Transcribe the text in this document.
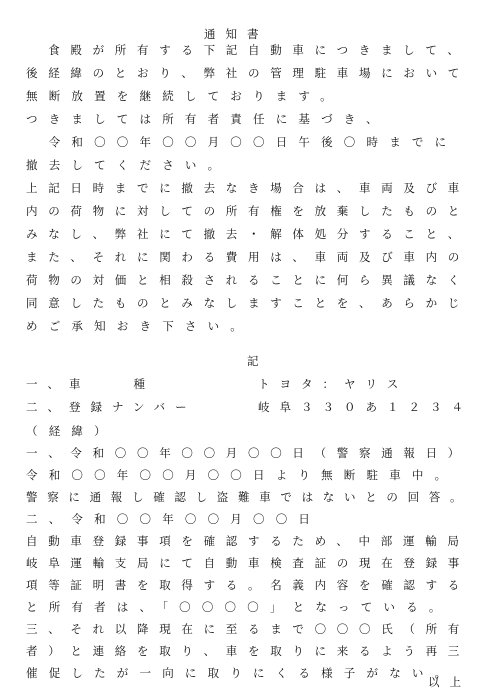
通知書
　食殿が所有する下記自動車につきまして、
後経緯のとおり、弊社の管理駐車場において
無断放置を継続しております。
つきましては所有者責任に基づき、
　令和〇〇年〇〇月〇〇日午後〇時までに
撤去してください。
上記日時までに撤去なき場合は、車両及び車
内の荷物に対しての所有権を放棄したものと
みなし、弊社にて撤去・解体処分すること、
また、それに関わる費用は、車両及び車内の
荷物の対価と相殺されることに何ら異議なく
同意したものとみなしますことを、あらかじ
めご承知おき下さい。
記
一、車　　種	トヨタ：ヤリス
二、登録ナンバー	岐阜３３０あ１２３４
（経緯）
一、令和〇〇年〇〇月〇〇日（警察通報日）
令和〇〇年〇〇月〇〇日より無断駐車中。
警察に通報し確認し盗難車ではないとの回答。
二、令和〇〇年〇〇月〇〇日
自動車登録事項を確認するため、中部運輸局
岐阜運輸支局にて自動車検査証の現在登録事
項等証明書を取得する。名義内容を確認する
と所有者は、「〇〇〇〇」となっている。
三、それ以降現在に至るまで〇〇〇氏（所有
者）と連絡を取り、車を取りに来るよう再三
催促したが一向に取りにくる様子がない。
以上
